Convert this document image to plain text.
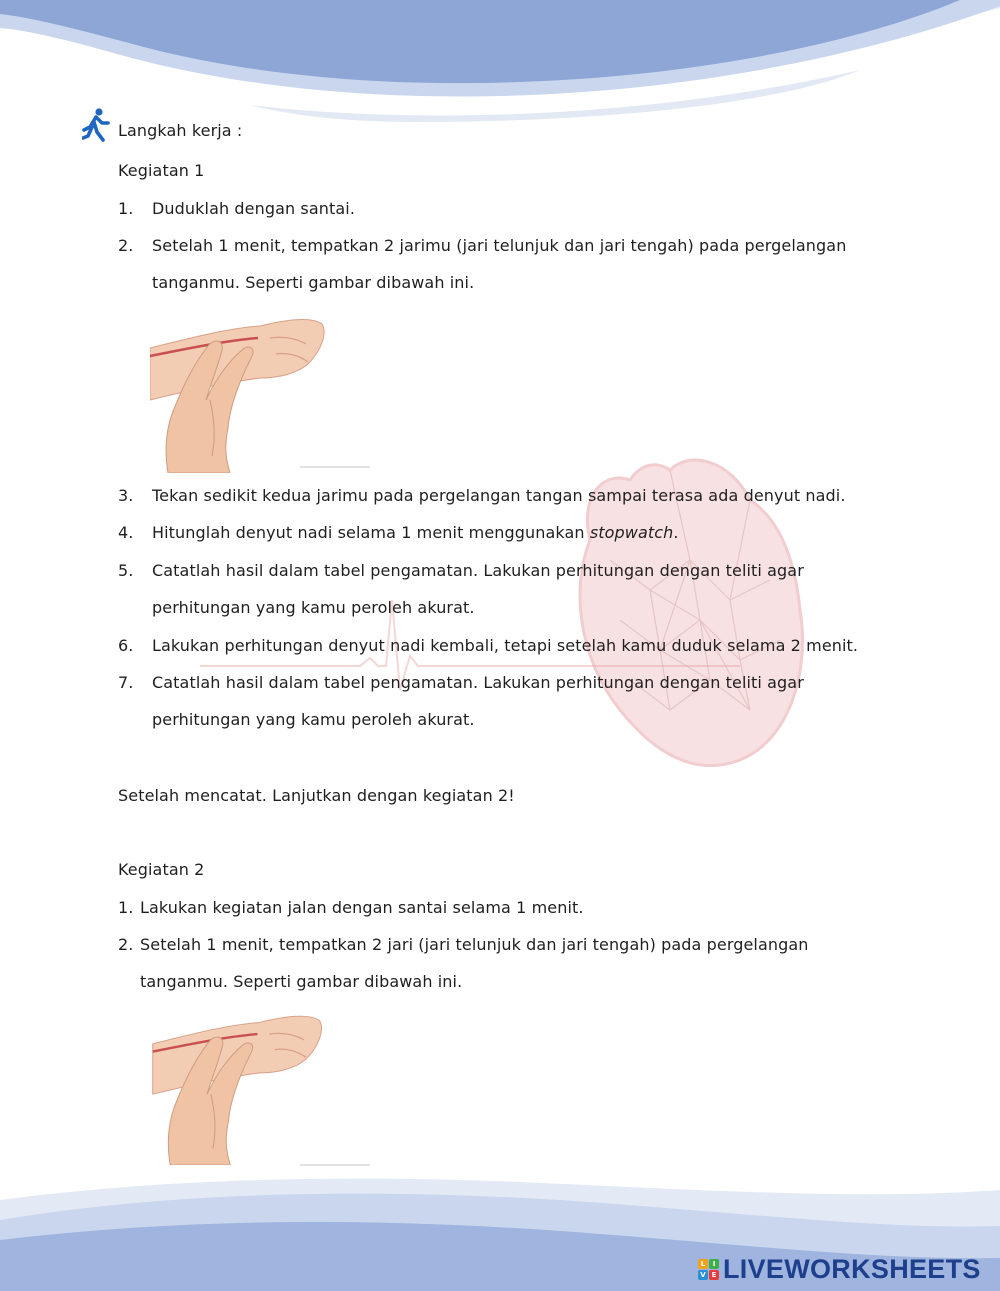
Langkah kerja :
Kegiatan 1
1. Duduklah dengan santai.
2. Setelah 1 menit, tempatkan 2 jarimu (jari telunjuk dan jari tengah) pada pergelangan
tanganmu. Seperti gambar dibawah ini.
3. Tekan sedikit kedua jarimu pada pergelangan tangan sampai terasa ada denyut nadi.
4. Hitunglah denyut nadi selama 1 menit menggunakan stopwatch.
5. Catatlah hasil dalam tabel pengamatan. Lakukan perhitungan dengan teliti agar
perhitungan yang kamu peroleh akurat.
6. Lakukan perhitungan denyut nadi kembali, tetapi setelah kamu duduk selama 2 menit.
7. Catatlah hasil dalam tabel pengamatan. Lakukan perhitungan dengan teliti agar
perhitungan yang kamu peroleh akurat.
Setelah mencatat. Lanjutkan dengan kegiatan 2!
Kegiatan 2
1. Lakukan kegiatan jalan dengan santai selama 1 menit.
2. Setelah 1 menit, tempatkan 2 jari (jari telunjuk dan jari tengah) pada pergelangan
tanganmu. Seperti gambar dibawah ini.
L	I
V E LIVEWORKSHEETS
